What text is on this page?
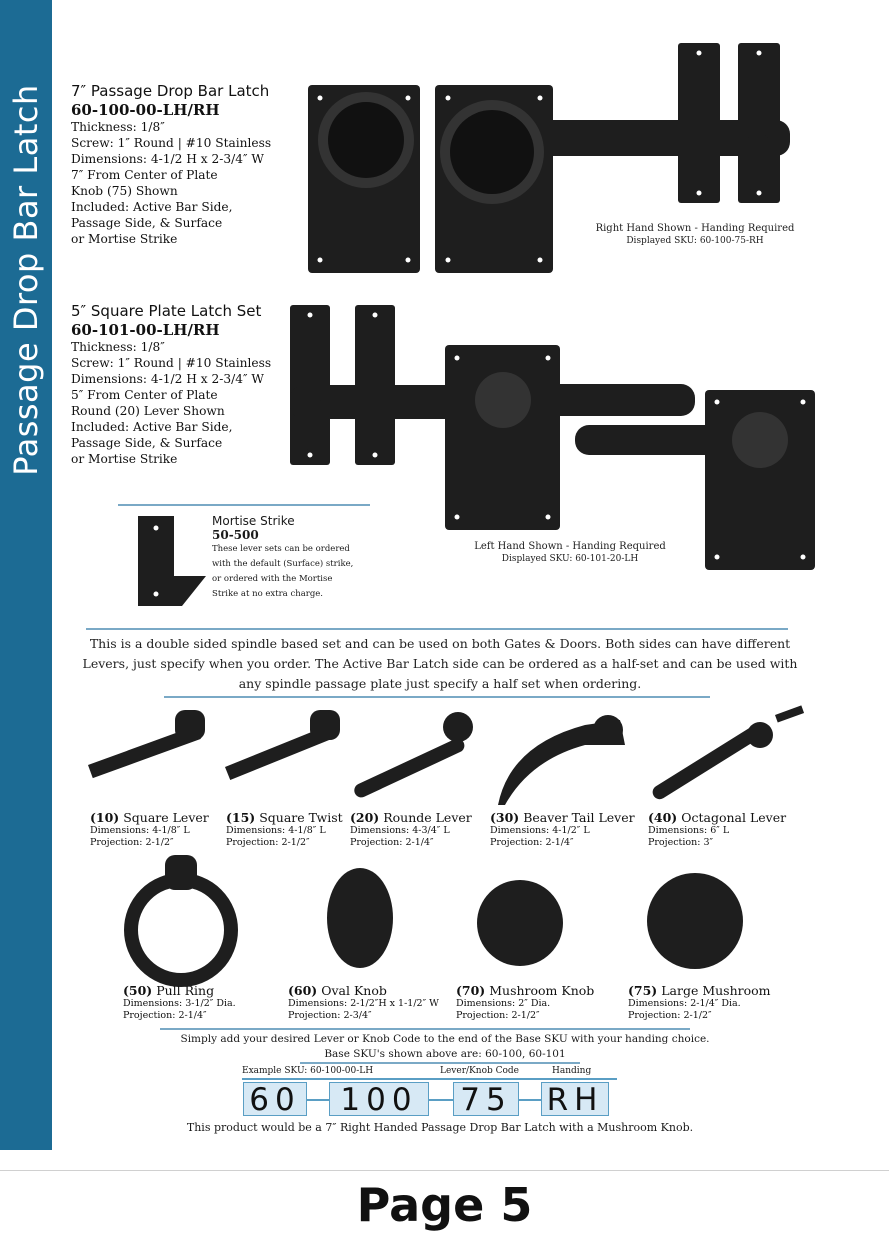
Passage Drop Bar Latch 7″ Passage Drop Bar Latch
60-100-00-LH/RH
Thickness: 1/8″
Screw: 1″ Round | #10 Stainless
Dimensions: 4-1/2 H x 2-3/4″ W
7″ From Center of Plate
Knob (75) Shown
Included: Active Bar Side,
Passage Side, & Surface
or Mortise Strike
Right Hand Shown - Handing Required
Displayed SKU: 60-100-75-RH
5″ Square Plate Latch Set
60-101-00-LH/RH
Thickness: 1/8″
Screw: 1″ Round | #10 Stainless
Dimensions: 4-1/2 H x 2-3/4″ W
5″ From Center of Plate
Round (20) Lever Shown
Included: Active Bar Side,
Passage Side, & Surface
or Mortise Strike
Left Hand Shown - Handing Required
Displayed SKU: 60-101-20-LH
Mortise Strike
50-500
These lever sets can be ordered
with the default (Surface) strike,
or ordered with the Mortise
Strike at no extra charge.
This is a double sided spindle based set and can be used on both Gates & Doors. Both sides can have different Levers, just specify when you order. The Active Bar Latch side can be ordered as a half-set and can be used with any spindle passage plate just specify a half set when ordering.
(10) Square Lever
Dimensions: 4-1/8″ L
Projection: 2-1/2″
(15) Square Twist
Dimensions: 4-1/8″ L
Projection: 2-1/2″
(20) Rounde Lever
Dimensions: 4-3/4″ L
Projection: 2-1/4″
(30) Beaver Tail Lever
Dimensions: 4-1/2″ L
Projection: 2-1/4″
(40) Octagonal Lever
Dimensions: 6″ L
Projection: 3″
(50) Pull Ring
Dimensions: 3-1/2″ Dia.
Projection: 2-1/4″
(60) Oval Knob
Dimensions: 2-1/2″H x 1-1/2″ W
Projection: 2-3/4″
(70) Mushroom Knob
Dimensions: 2″ Dia.
Projection: 2-1/2″
(75) Large Mushroom
Dimensions: 2-1/4″ Dia.
Projection: 2-1/2″
Simply add your desired Lever or Knob Code to the end of the Base SKU with your handing choice.
Base SKU's shown above are: 60-100, 60-101
Example SKU: 60-100-00-LH	Lever/Knob Code	Handing
60	100	75 RH
This product would be a 7″ Right Handed Passage Drop Bar Latch with a Mushroom Knob.
Page 5
